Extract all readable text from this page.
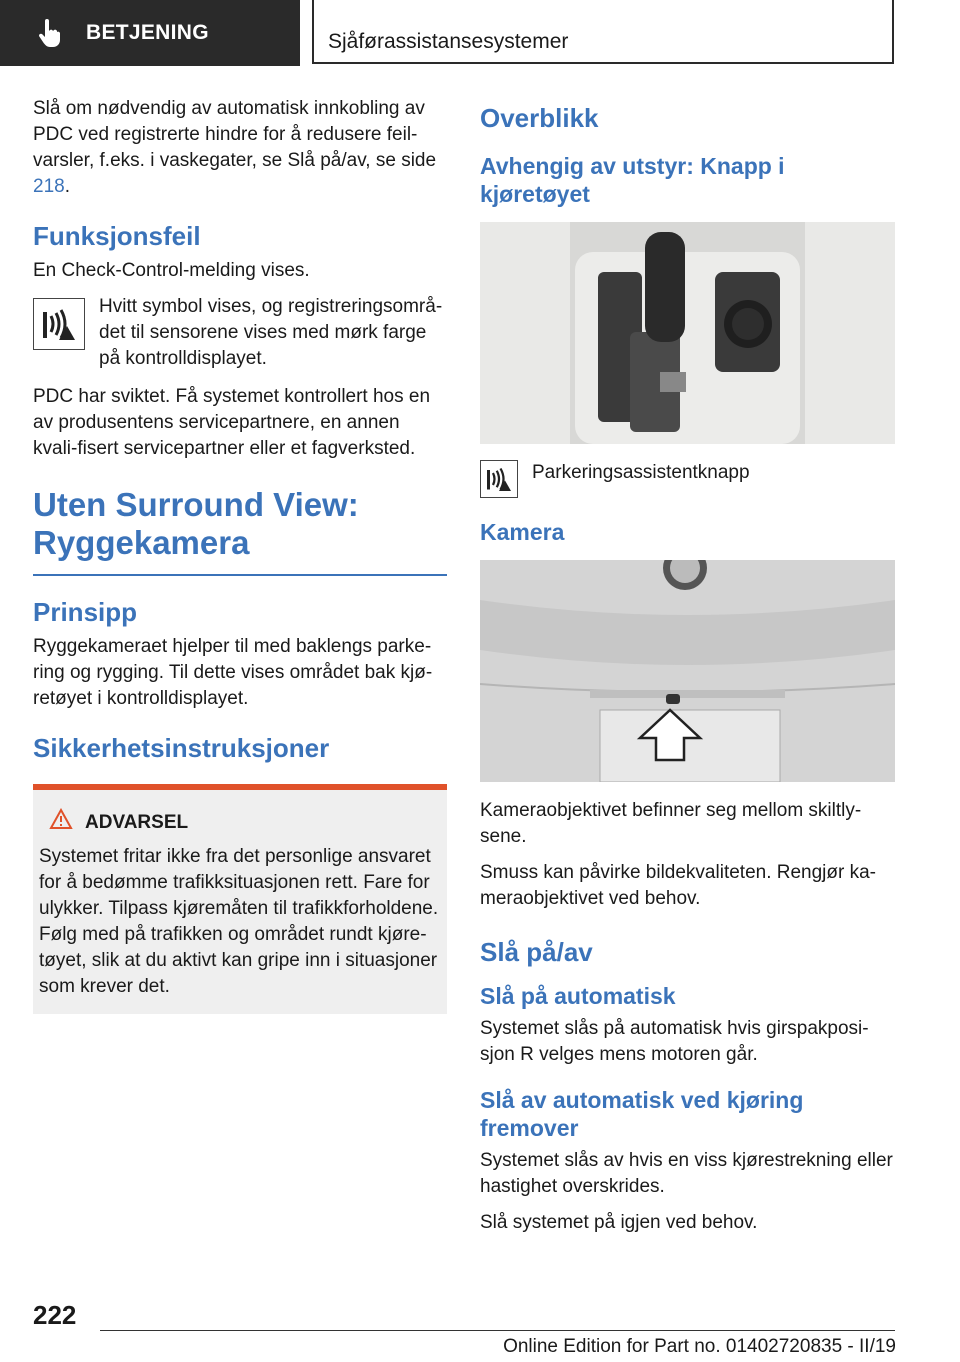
BETJENING	Sjåførassistansesystemer

Slå om nødvendig av automatisk innkobling av PDC ved registrerte hindre for å redusere feil‐varsler, f.eks. i vaskegater, se Slå på/av, se side 218.

Funksjonsfeil

En Check-Control-melding vises.

Hvitt symbol vises, og registreringsområ‐det til sensorene vises med mørk farge på kontrolldisplayet.

PDC har sviktet. Få systemet kontrollert hos en av produsentens servicepartnere, en annen kvali‐fisert servicepartner eller et fagverksted.

Uten Surround View: Ryggekamera
Prinsipp

Ryggekameraet hjelper til med baklengs parke‐ring og rygging. Til dette vises området bak kjø‐retøyet i kontrolldisplayet.

Sikkerhetsinstruksjoner
ADVARSEL
Systemet fritar ikke fra det personlige ansvaret for å bedømme trafikksituasjonen rett. Fare for ulykker. Tilpass kjøremåten til trafikkforholdene. Følg med på trafikken og området rundt kjøre‐tøyet, slik at du aktivt kan gripe inn i situasjoner som krever det.
Overblikk
Avhengig av utstyr: Knapp i kjøretøyet
Parkeringsassistentknapp
Kamera

Kameraobjektivet befinner seg mellom skiltly‐sene.

Smuss kan påvirke bildekvaliteten. Rengjør ka‐meraobjektivet ved behov.

Slå på/av
Slå på automatisk

Systemet slås på automatisk hvis girspakposi‐sjon R velges mens motoren går.

Slå av automatisk ved kjøring fremover

Systemet slås av hvis en viss kjørestrekning eller hastighet overskrides.

Slå systemet på igjen ved behov.

222
Online Edition for Part no. 01402720835 - II/19
